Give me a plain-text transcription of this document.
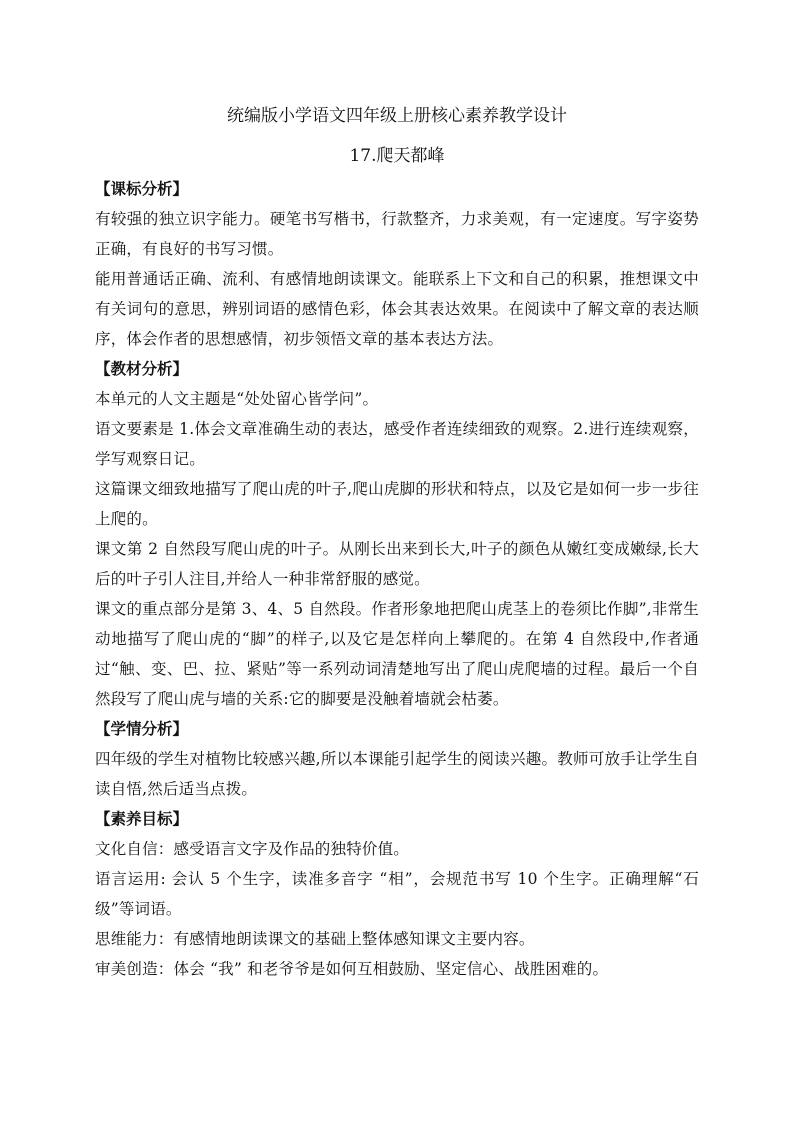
统编版小学语文四年级上册核心素养教学设计

17.爬天都峰

【课标分析】

有较强的独立识字能力。硬笔书写楷书，行款整齐，力求美观，有一定速度。写字姿势正确，有良好的书写习惯。

能用普通话正确、流利、有感情地朗读课文。能联系上下文和自己的积累，推想课文中有关词句的意思，辨别词语的感情色彩，体会其表达效果。在阅读中了解文章的表达顺序，体会作者的思想感情，初步领悟文章的基本表达方法。

【教材分析】

本单元的人文主题是“处处留心皆学问”。

语文要素是 1.体会文章准确生动的表达，感受作者连续细致的观察。2.进行连续观察，学写观察日记。

这篇课文细致地描写了爬山虎的叶子,爬山虎脚的形状和特点，以及它是如何一步一步往上爬的。

课文第 2 自然段写爬山虎的叶子。从刚长出来到长大,叶子的颜色从嫩红变成嫩绿,长大后的叶子引人注目,并给人一种非常舒服的感觉。

课文的重点部分是第 3、4、5 自然段。作者形象地把爬山虎茎上的卷须比作脚”,非常生动地描写了爬山虎的“脚”的样子,以及它是怎样向上攀爬的。在第 4 自然段中,作者通过“触、变、巴、拉、紧贴”等一系列动词清楚地写出了爬山虎爬墙的过程。最后一个自然段写了爬山虎与墙的关系:它的脚要是没触着墙就会枯萎。

【学情分析】

四年级的学生对植物比较感兴趣,所以本课能引起学生的阅读兴趣。教师可放手让学生自读自悟,然后适当点拨。

【素养目标】

文化自信：感受语言文字及作品的独特价值。

语言运用: 会认 5 个生字，读准多音字 “相”，会规范书写 10 个生字。正确理解“石级”等词语。

思维能力：有感情地朗读课文的基础上整体感知课文主要内容。

审美创造：体会 “我” 和老爷爷是如何互相鼓励、坚定信心、战胜困难的。
